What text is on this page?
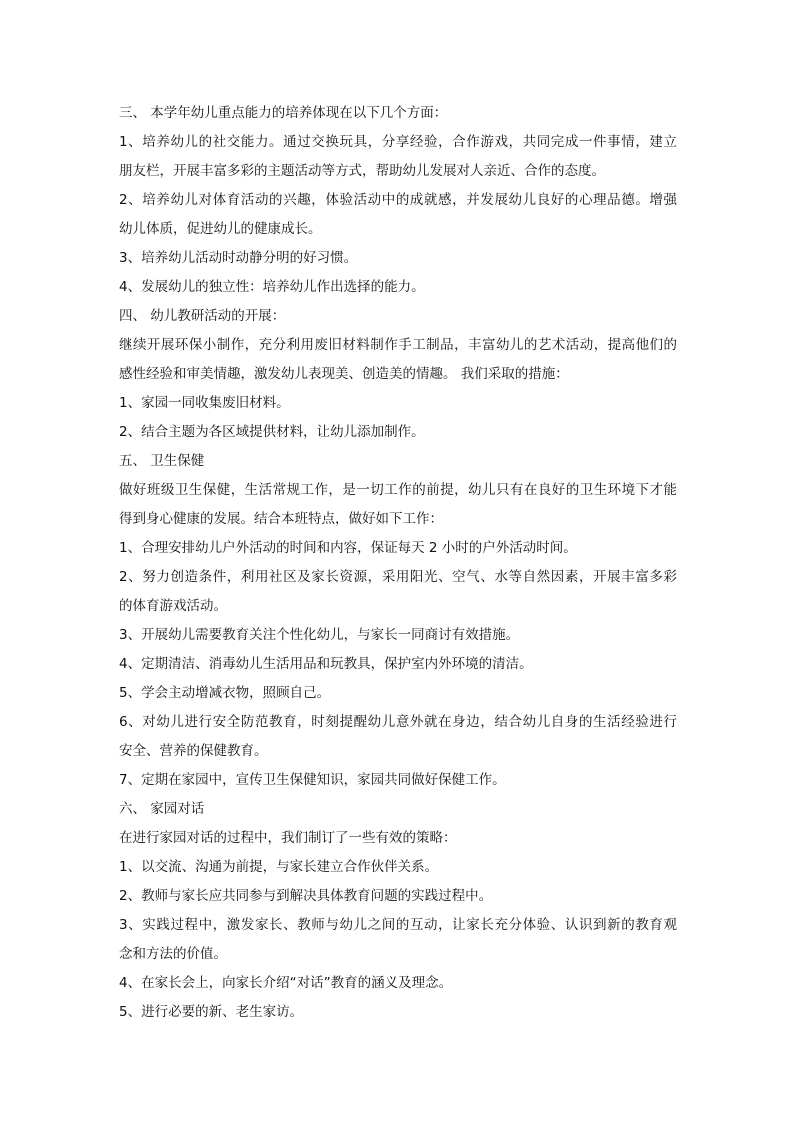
三、 本学年幼儿重点能力的培养体现在以下几个方面：
1、培养幼儿的社交能力。通过交换玩具，分享经验，合作游戏，共同完成一件事情，建立
朋友栏，开展丰富多彩的主题活动等方式，帮助幼儿发展对人亲近、合作的态度。
2、培养幼儿对体育活动的兴趣，体验活动中的成就感，并发展幼儿良好的心理品德。增强
幼儿体质，促进幼儿的健康成长。
3、培养幼儿活动时动静分明的好习惯。
4、发展幼儿的独立性：培养幼儿作出选择的能力。
四、 幼儿教研活动的开展：
继续开展环保小制作，充分利用废旧材料制作手工制品，丰富幼儿的艺术活动，提高他们的
感性经验和审美情趣，激发幼儿表现美、创造美的情趣。 我们采取的措施：
1、家园一同收集废旧材料。
2、结合主题为各区域提供材料，让幼儿添加制作。
五、 卫生保健
做好班级卫生保健，生活常规工作，是一切工作的前提，幼儿只有在良好的卫生环境下才能
得到身心健康的发展。结合本班特点，做好如下工作：
1、合理安排幼儿户外活动的时间和内容，保证每天 2 小时的户外活动时间。
2、努力创造条件，利用社区及家长资源，采用阳光、空气、水等自然因素，开展丰富多彩
的体育游戏活动。
3、开展幼儿需要教育关注个性化幼儿，与家长一同商讨有效措施。
4、定期清洁、消毒幼儿生活用品和玩教具，保护室内外环境的清洁。
5、学会主动增减衣物，照顾自己。
6、对幼儿进行安全防范教育，时刻提醒幼儿意外就在身边，结合幼儿自身的生活经验进行
安全、营养的保健教育。
7、定期在家园中，宣传卫生保健知识，家园共同做好保健工作。
六、 家园对话
在进行家园对话的过程中，我们制订了一些有效的策略：
1、以交流、沟通为前提，与家长建立合作伙伴关系。
2、教师与家长应共同参与到解决具体教育问题的实践过程中。
3、实践过程中，激发家长、教师与幼儿之间的互动，让家长充分体验、认识到新的教育观
念和方法的价值。
4、在家长会上，向家长介绍“对话”教育的涵义及理念。
5、进行必要的新、老生家访。
